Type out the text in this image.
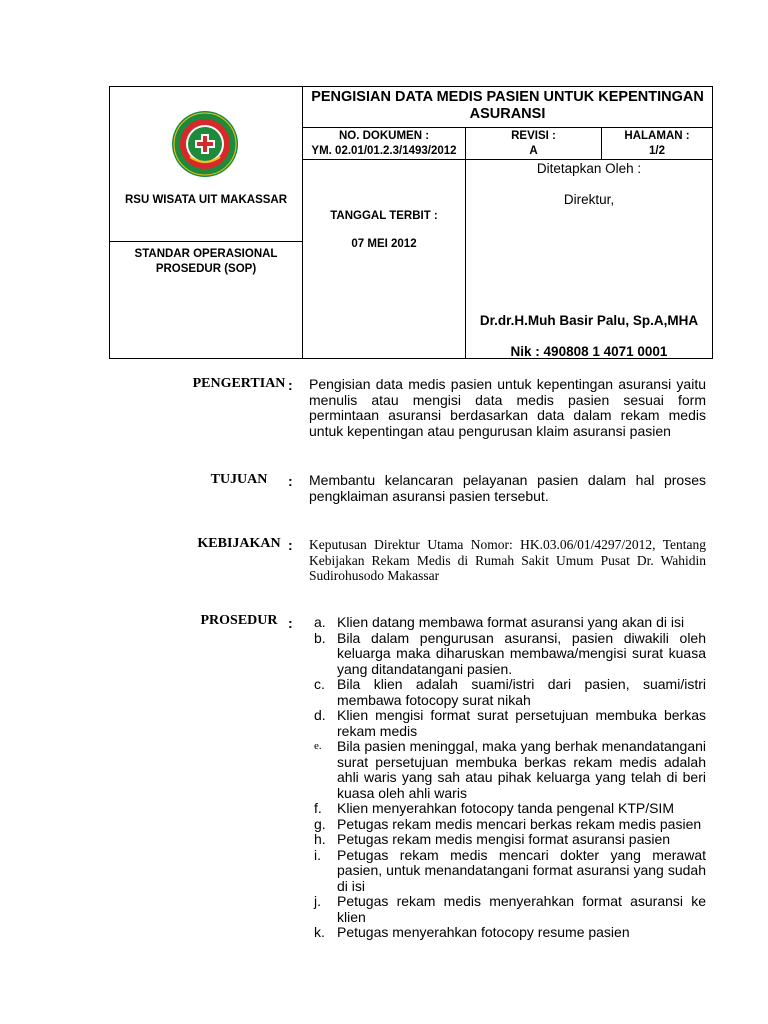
PENGISIAN DATA MEDIS PASIEN UNTUK KEPENTINGAN ASURANSI
RSU WISATA UIT MAKASSAR
STANDAR OPERASIONAL PROSEDUR (SOP)
NO. DOKUMEN :
YM. 02.01/01.2.3/1493/2012
REVISI :
A
HALAMAN :
1/2
TANGGAL TERBIT :
07 MEI 2012
Ditetapkan Oleh :
Direktur,
Dr.dr.H.Muh Basir Palu, Sp.A,MHA
Nik : 490808 1 4071 0001
PENGERTIAN : Pengisian data medis pasien untuk kepentingan asuransi yaitu menulis atau mengisi data medis pasien sesuai form permintaan asuransi berdasarkan data dalam rekam medis untuk kepentingan atau pengurusan klaim asuransi pasien
TUJUAN	: Membantu kelancaran pelayanan pasien dalam hal proses pengklaiman asuransi pasien tersebut.
KEBIJAKAN : Keputusan Direktur Utama Nomor: HK.03.06/01/4297/2012, Tentang Kebijakan Rekam Medis di Rumah Sakit Umum Pusat Dr. Wahidin Sudirohusodo Makassar
PROSEDUR : a. Klien datang membawa format asuransi yang akan di isi
b. Bila dalam pengurusan asuransi, pasien diwakili oleh keluarga maka diharuskan membawa/mengisi surat kuasa yang ditandatangani pasien.
c. Bila klien adalah suami/istri dari pasien, suami/istri membawa fotocopy surat nikah
d. Klien mengisi format surat persetujuan membuka berkas rekam medis
e. Bila pasien meninggal, maka yang berhak menandatangani surat persetujuan membuka berkas rekam medis adalah ahli waris yang sah atau pihak keluarga yang telah di beri kuasa oleh ahli waris
f. Klien menyerahkan fotocopy tanda pengenal KTP/SIM
g. Petugas rekam medis mencari berkas rekam medis pasien
h. Petugas rekam medis mengisi format asuransi pasien
i. Petugas rekam medis mencari dokter yang merawat pasien, untuk menandatangani format asuransi yang sudah di isi
j. Petugas rekam medis menyerahkan format asuransi ke klien
k. Petugas menyerahkan fotocopy resume pasien
